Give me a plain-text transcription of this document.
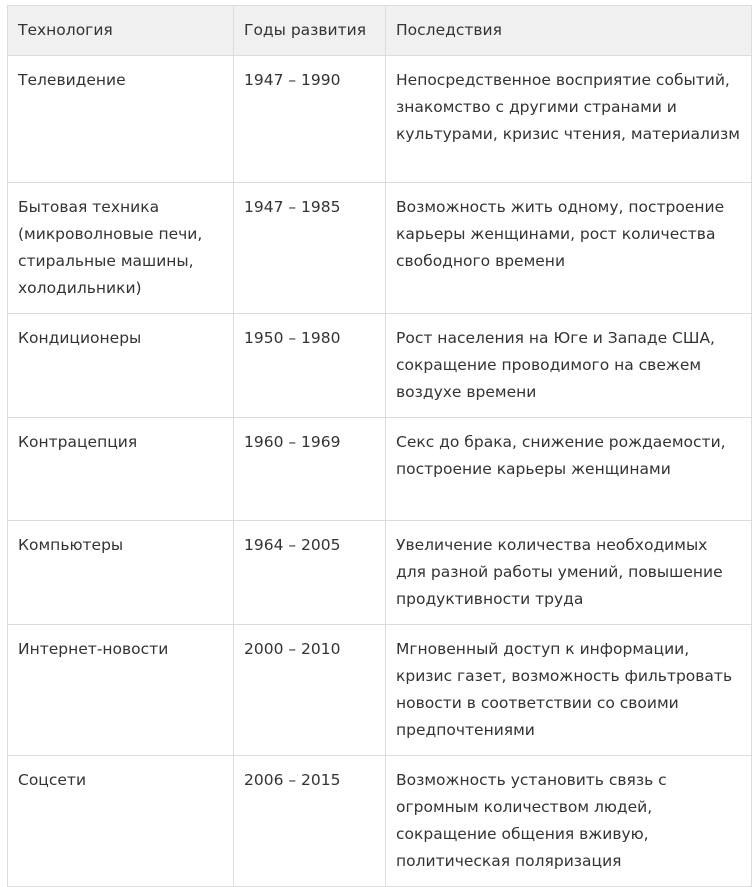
Технология	Годы развития	Последствия
Телевидение	1947 – 1990	Непосредственное восприятие событий, знакомство с другими странами и культурами, кризис чтения, материализм
Бытовая техника (микроволновые печи, стиральные машины, холодильники)	1947 – 1985	Возможность жить одному, построение карьеры женщинами, рост количества свободного времени
Кондиционеры	1950 – 1980	Рост населения на Юге и Западе США, сокращение проводимого на свежем воздухе времени
Контрацепция	1960 – 1969	Секс до брака, снижение рождаемости, построение карьеры женщинами
Компьютеры	1964 – 2005	Увеличение количества необходимых для разной работы умений, повышение продуктивности труда
Интернет-новости	2000 – 2010	Мгновенный доступ к информации, кризис газет, возможность фильтровать новости в соответствии со своими предпочтениями
Соцсети	2006 – 2015	Возможность установить связь с огромным количеством людей, сокращение общения вживую, политическая поляризация
